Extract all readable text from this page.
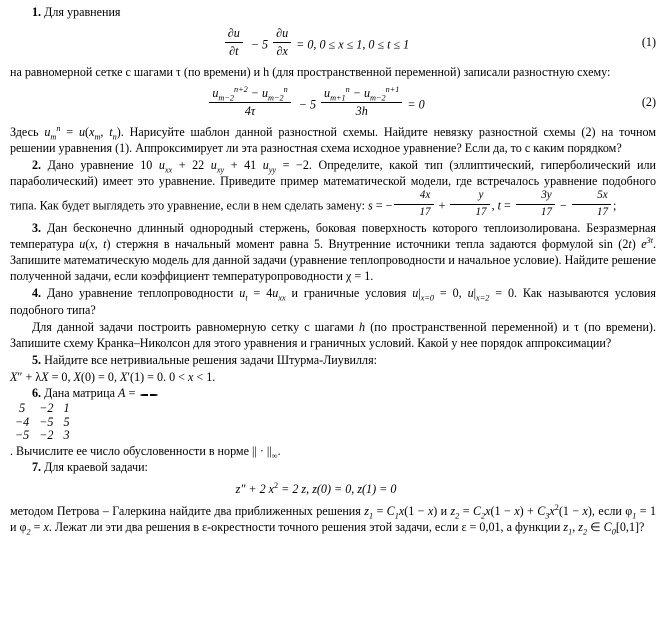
1. Для уравнения

$\frac{\partial u}{\partial t} - 5 \frac{\partial u}{\partial x} = 0$, 0 ≤ x ≤ 1, 0 ≤ t ≤ 1	(1)

на равномерной сетке с шагами τ (по времени) и h (для пространственной переменной) записали разностную схему:

$\frac{u_{m-2}^{n+2} - u_{m-2}^n}{4\tau} - 5 \frac{u_{m+1}^n - u_{m-2}^{n+1}}{3h} = 0$	(2)

Здесь $u_m^n = u(x_m$, $t_n$). Нарисуйте шаблон данной разностной схемы. Найдите невязку разностной схемы (2) на точном решении уравнения (1). Аппроксимирует ли эта разностная схема исходное уравнение? Если да, то с каким порядком?

2. Дано уравнение 10 $u_{xx} + 22$ $u_{xy} + 41$ $u_{yy} = -2$. Определите, какой тип (эллиптический, гиперболический или параболический) имеет это уравнение. Приведите пример математической модели, где встречалось уравнение подобного типа. Как будет выглядеть это уравнение, если в нем сделать замену: s = − $\frac{4x}{17} + \frac{y}{17}$ , $t = \frac{3y}{17} - \frac{5x}{17}$ ;

3. Дан бесконечно длинный однородный стержень, боковая поверхность которого теплоизолирована. Безразмерная температура u(x, t) стержня в начальный момент равна 5. Внутренние источники тепла задаются формулой sin (2t) $e^{3t}$. Запишите математическую модель для данной задачи (уравнение теплопроводности и начальное условие). Найдите решение полученной задачи, если коэффициент температуропроводности χ = 1.

4. Дано уравнение теплопроводности $u_t = 4u_{xx}$ и граничные условия $u|_{x=0} = 0$, $u|_{x=2} = 0$. Как называются условия подобного типа?

Для данной задачи построить равномерную сетку с шагами h (по пространственной переменной) и τ (по времени). Запишите схему Кранка–Николсон для этого уравнения и граничных условий. Какой у нее порядок аппроксимации?

5. Найдите все нетривиальные решения задачи Штурма-Лиувилля:

X″ + λX = 0, X(0) = 0, X′(1) = 0. 0 < x < 1.

6. Дана матрица A =

5	−2	1
−4	−5	5
−5	−2	3
. Вычислите ее число обусловенности в норме || · $||_\infty$.

7. Для краевой задачи:

z″ + 2 $x^2 = 2$ z, z(0) = 0, z(1) = 0

методом Петрова – Галеркина найдите два приближенных решения $z_1 = C_1x(1 - x)$ и $z_2 = C_2x(1 - x) + C_3x^2(1 - x)$, если $\varphi_1 = 1$ и $\varphi_2 = x$. Лежат ли эти два решения в ε-окрестности точного решения этой задачи, если ε = 0,01, а функции $z_1$, $z_2$ ∈ $C_0[0,1]$?
